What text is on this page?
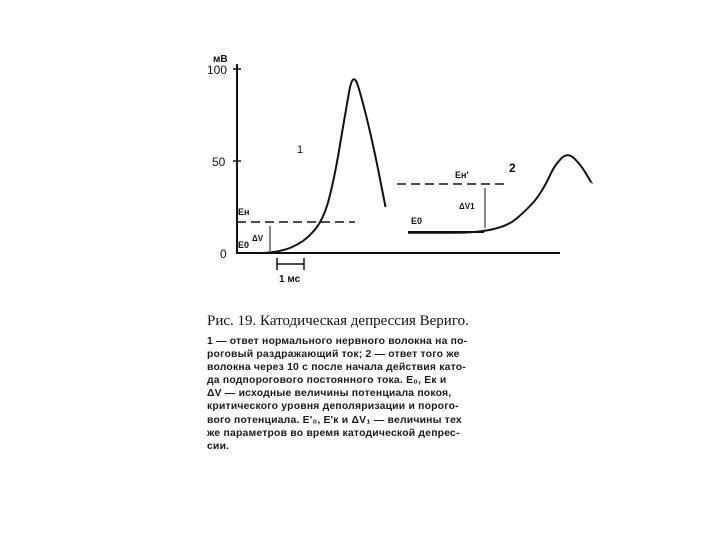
мВ
100
50
0
1
Eн
E0
ΔV
1 мс
2
Eн'
E0
ΔV1
Рис. 19. Катодическая депрессия Вериго.
1 — ответ нормального нервного волокна на по-
роговый раздражающий ток; 2 — ответ того же
волокна через 10 с после начала действия като-
да подпорогового постоянного тока. E₀, Eк и
ΔV — исходные величины потенциала покоя,
критического уровня деполяризации и порого-
вого потенциала. E'₀, E'к и ΔV₁ — величины тех
же параметров во время катодической депрес-
сии.
